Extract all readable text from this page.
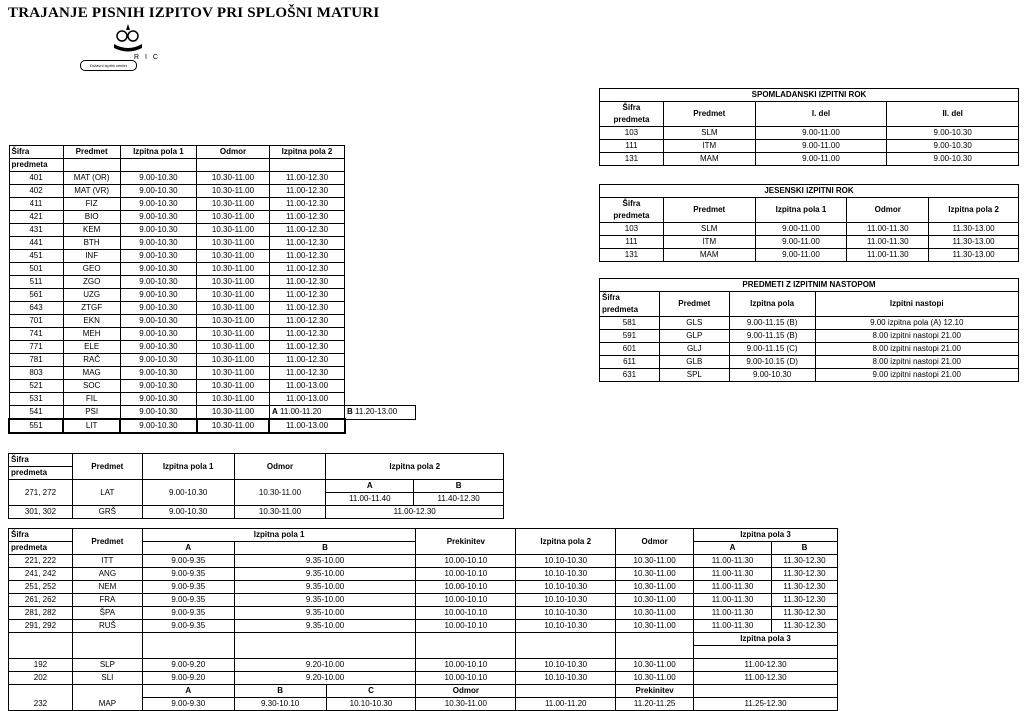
TRAJANJE PISNIH IZPITOV PRI SPLOŠNI MATURI
Državni izpitni center
R I C
Šifra	Predmet	Izpitna pola 1	Odmor	Izpitna pola 2	
predmeta					
401	MAT (OR)	9.00-10.30	10.30-11.00	11.00-12.30	
402	MAT (VR)	9.00-10.30	10.30-11.00	11.00-12.30	
411	FIZ	9.00-10.30	10.30-11.00	11.00-12.30	
421	BIO	9.00-10.30	10.30-11.00	11.00-12.30	
431	KEM	9.00-10.30	10.30-11.00	11.00-12.30	
441	BTH	9.00-10.30	10.30-11.00	11.00-12.30	
451	INF	9.00-10.30	10.30-11.00	11.00-12.30	
501	GEO	9.00-10.30	10.30-11.00	11.00-12.30	
511	ZGO	9.00-10.30	10.30-11.00	11.00-12.30	
561	UZG	9.00-10.30	10.30-11.00	11.00-12.30	
643	ZTGF	9.00-10.30	10.30-11.00	11.00-12.30	
701	EKN	9.00-10.30	10.30-11.00	11.00-12.30	
741	MEH	9.00-10.30	10.30-11.00	11.00-12.30	
771	ELE	9.00-10.30	10.30-11.00	11.00-12.30	
781	RAČ	9.00-10.30	10.30-11.00	11.00-12.30	
803	MAG	9.00-10.30	10.30-11.00	11.00-12.30	
521	SOC	9.00-10.30	10.30-11.00	11.00-13.00	
531	FIL	9.00-10.30	10.30-11.00	11.00-13.00	
541	PSI	9.00-10.30	10.30-11.00	A 11.00-11.20	B 11.20-13.00
551	LIT	9.00-10.30	10.30-11.00	11.00-13.00	
Šifra	Predmet	Izpitna pola 1	Odmor	Izpitna pola 2	
predmeta					
271, 272	LAT	9.00-10.30	10.30-11.00	A	B
				11.00-11.40	11.40-12.30
301, 302	GRŠ	9.00-10.30	10.30-11.00	11.00-12.30	
Šifra	Predmet	Izpitna pola 1			Prekinitev	Izpitna pola 2	Odmor	Izpitna pola 3	
predmeta		A	B					A	B
221, 222	ITT	9.00-9.35	9.35-10.00		10.00-10.10	10.10-10.30	10.30-11.00	11.00-11.30	11.30-12.30
241, 242	ANG	9.00-9.35	9.35-10.00		10.00-10.10	10.10-10.30	10.30-11.00	11.00-11.30	11.30-12.30
251, 252	NEM	9.00-9.35	9.35-10.00		10.00-10.10	10.10-10.30	10.30-11.00	11.00-11.30	11.30-12.30
261, 262	FRA	9.00-9.35	9.35-10.00		10.00-10.10	10.10-10.30	10.30-11.00	11.00-11.30	11.30-12.30
281, 282	ŠPA	9.00-9.35	9.35-10.00		10.00-10.10	10.10-10.30	10.30-11.00	11.00-11.30	11.30-12.30
291, 292	RUŠ	9.00-9.35	9.35-10.00		10.00-10.10	10.10-10.30	10.30-11.00	11.00-11.30	11.30-12.30
								Izpitna pola 3	

192	SLP	9.00-9.20	9.20-10.00		10.00-10.10	10.10-10.30	10.30-11.00	11.00-12.30	
202	SLI	9.00-9.20	9.20-10.00		10.00-10.10	10.10-10.30	10.30-11.00	11.00-12.30	
232	MAP	A	B	C	Odmor		Prekinitev		
		9.00-9.30	9.30-10.10	10.10-10.30	10.30-11.00	11.00-11.20	11.20-11.25	11.25-12.30	
SPOMLADANSKI IZPITNI ROK			
Šifra
predmeta	Predmet	I. del	II. del
103	SLM	9.00-11.00	9.00-10.30
111	ITM	9.00-11.00	9.00-10.30
131	MAM	9.00-11.00	9.00-10.30
JESENSKI IZPITNI ROK				
Šifra
predmeta	Predmet	Izpitna pola 1	Odmor	Izpitna pola 2
103	SLM	9.00-11.00	11.00-11.30	11.30-13.00
111	ITM	9.00-11.00	11.00-11.30	11.30-13.00
131	MAM	9.00-11.00	11.00-11.30	11.30-13.00
PREDMETI Z IZPITNIM NASTOPOM			
Šifra
predmeta	Predmet	Izpitna pola	Izpitni nastopi
581	GLS	9.00-11.15 (B)	9.00 izpitna pola (A) 12.10
591	GLP	9.00-11.15 (B)	8.00 izpitni nastopi 21.00
601	GLJ	9.00-11.15 (C)	8.00 izpitni nastopi 21.00
611	GLB	9.00-10.15 (D)	8.00 izpitni nastopi 21.00
631	SPL	9.00-10.30	9.00 izpitni nastopi 21.00
